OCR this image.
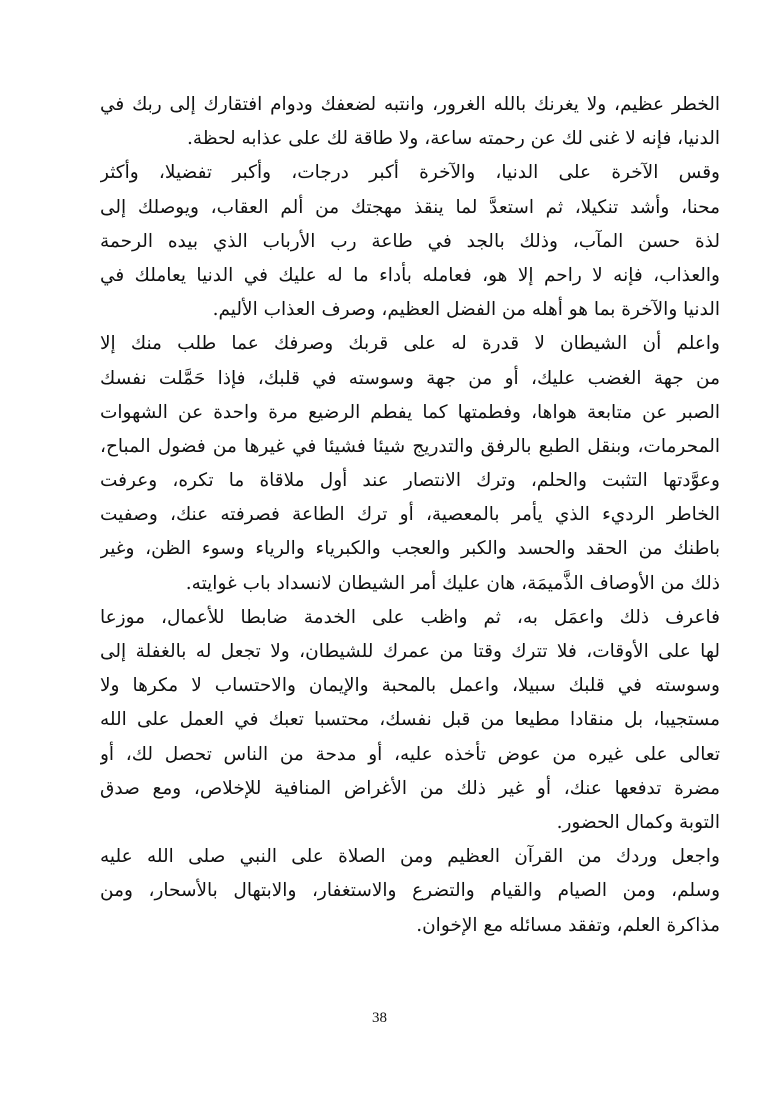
الخطر عظيم، ولا يغرنك بالله الغرور، وانتبه لضعفك ودوام افتقارك إلى ربك في
الدنيا، فإنه لا غنى لك عن رحمته ساعة، ولا طاقة لك على عذابه لحظة.
وقس الآخرة على الدنيا، والآخرة أكبر درجات، وأكبر تفضيلا، وأكثر
محنا، وأشد تنكيلا، ثم استعدَّ لما ينقذ مهجتك من ألم العقاب، ويوصلك إلى
لذة حسن المآب، وذلك بالجد في طاعة رب الأرباب الذي بيده الرحمة
والعذاب، فإنه لا راحم إلا هو، فعامله بأداء ما له عليك في الدنيا يعاملك في
الدنيا والآخرة بما هو أهله من الفضل العظيم، وصرف العذاب الأليم.
واعلم أن الشيطان لا قدرة له على قربك وصرفك عما طلب منك إلا
من جهة الغضب عليك، أو من جهة وسوسته في قلبك، فإذا حَمَّلت نفسك
الصبر عن متابعة هواها، وفطمتها كما يفطم الرضيع مرة واحدة عن الشهوات
المحرمات، وبنقل الطبع بالرفق والتدريج شيئا فشيئا في غيرها من فضول المباح،
وعوَّدتها التثبت والحلم، وترك الانتصار عند أول ملاقاة ما تكره، وعرفت
الخاطر الرديء الذي يأمر بالمعصية، أو ترك الطاعة فصرفته عنك، وصفيت
باطنك من الحقد والحسد والكبر والعجب والكبرياء والرياء وسوء الظن، وغير
ذلك من الأوصاف الذَّميمَة، هان عليك أمر الشيطان لانسداد باب غوايته.
فاعرف ذلك واعمَل به، ثم واظب على الخدمة ضابطا للأعمال، موزعا
لها على الأوقات، فلا تترك وقتا من عمرك للشيطان، ولا تجعل له بالغفلة إلى
وسوسته في قلبك سبيلا، واعمل بالمحبة والإيمان والاحتساب لا مكرها ولا
مستجيبا، بل منقادا مطيعا من قبل نفسك، محتسبا تعبك في العمل على الله
تعالى على غيره من عوض تأخذه عليه، أو مدحة من الناس تحصل لك، أو
مضرة تدفعها عنك، أو غير ذلك من الأغراض المنافية للإخلاص، ومع صدق
التوبة وكمال الحضور.
واجعل وردك من القرآن العظيم ومن الصلاة على النبي صلى الله عليه
وسلم، ومن الصيام والقيام والتضرع والاستغفار، والابتهال بالأسحار، ومن
مذاكرة العلم، وتفقد مسائله مع الإخوان.
38
